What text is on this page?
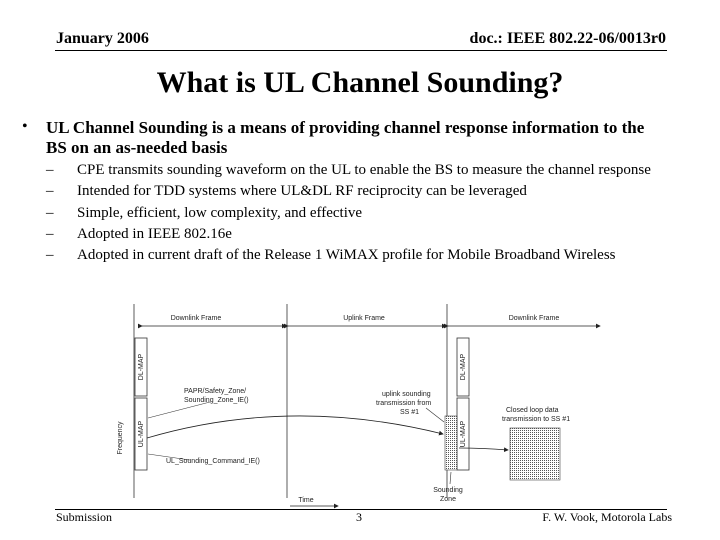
January 2006	doc.: IEEE 802.22-06/0013r0
What is UL Channel Sounding?
• UL Channel Sounding is a means of providing channel response information to the
BS on an as-needed basis
– CPE transmits sounding waveform on the UL to enable the BS to measure the channel response
– Intended for TDD systems where UL&DL RF reciprocity can be leveraged
– Simple, efficient, low complexity, and effective
– Adopted in IEEE 802.16e
– Adopted in current draft of the Release 1 WiMAX profile for Mobile Broadband Wireless
Downlink Frame	Uplink Frame	Downlink Frame
Frequency
DL-MAP
UL-MAP
DL-MAP
UL-MAP
PAPR/Safety_Zone/
Sounding_Zone_IE()
UL_Sounding_Command_IE()
uplink sounding
transmission from
SS #1	Closed loop data
transmission to SS #1
Sounding
Zone
Time
Submission	3	F. W. Vook, Motorola Labs
